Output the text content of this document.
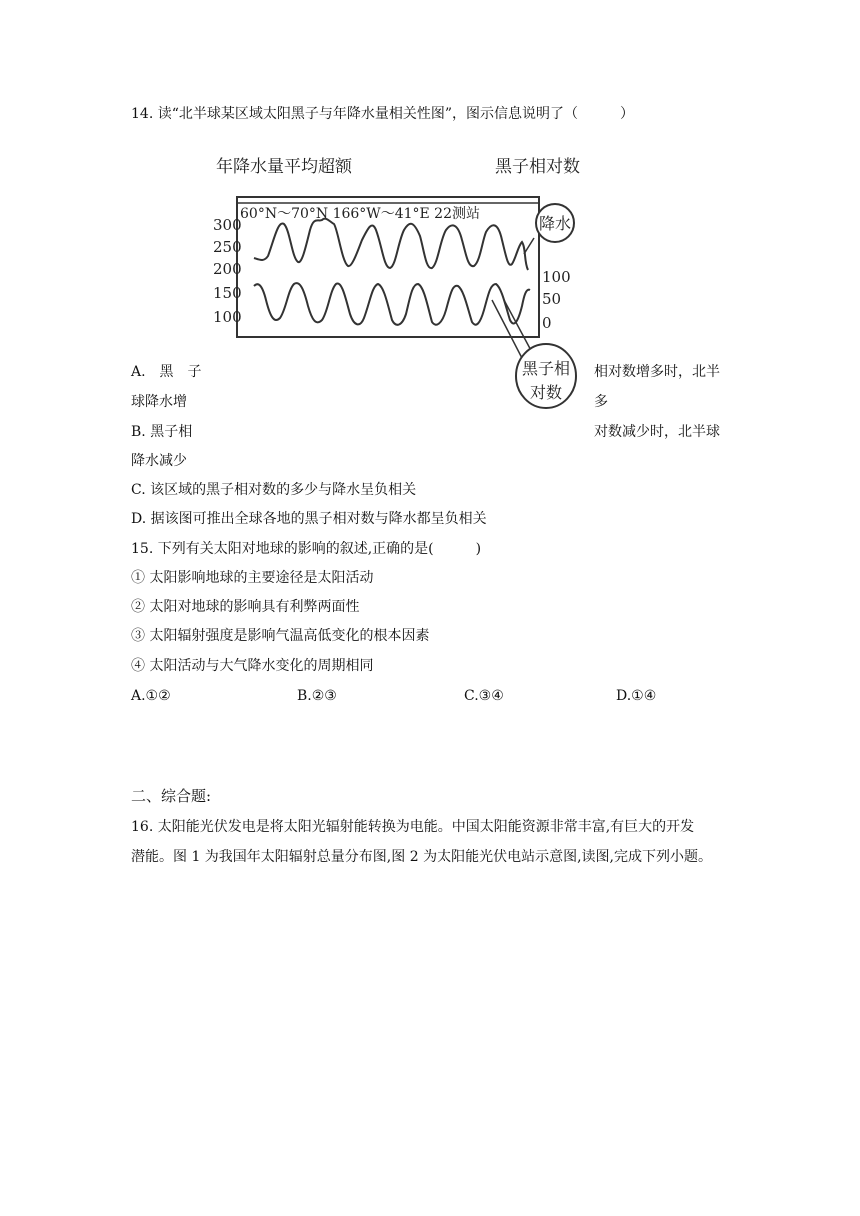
14. 读“北半球某区域太阳黑子与年降水量相关性图”，图示信息说明了（　　　）
年降水量平均超额	黑子相对数
60°N～70°N 166°W～41°E 22测站
300
250
200
150
100
100
50
0
降水
黑子相
对数
A.　黑　子	相对数增多时，北半
球降水增	多
B. 黑子相	对数减少时，北半球
降水减少
C. 该区域的黑子相对数的多少与降水呈负相关
D. 据该图可推出全球各地的黑子相对数与降水都呈负相关
15. 下列有关太阳对地球的影响的叙述,正确的是(　　　)
① 太阳影响地球的主要途径是太阳活动
② 太阳对地球的影响具有利弊两面性
③ 太阳辐射强度是影响气温高低变化的根本因素
④ 太阳活动与大气降水变化的周期相同
A.①②	B.②③	C.③④	D.①④
二、综合题:
16. 太阳能光伏发电是将太阳光辐射能转换为电能。中国太阳能资源非常丰富,有巨大的开发
潜能。图 1 为我国年太阳辐射总量分布图,图 2 为太阳能光伏电站示意图,读图,完成下列小题。
